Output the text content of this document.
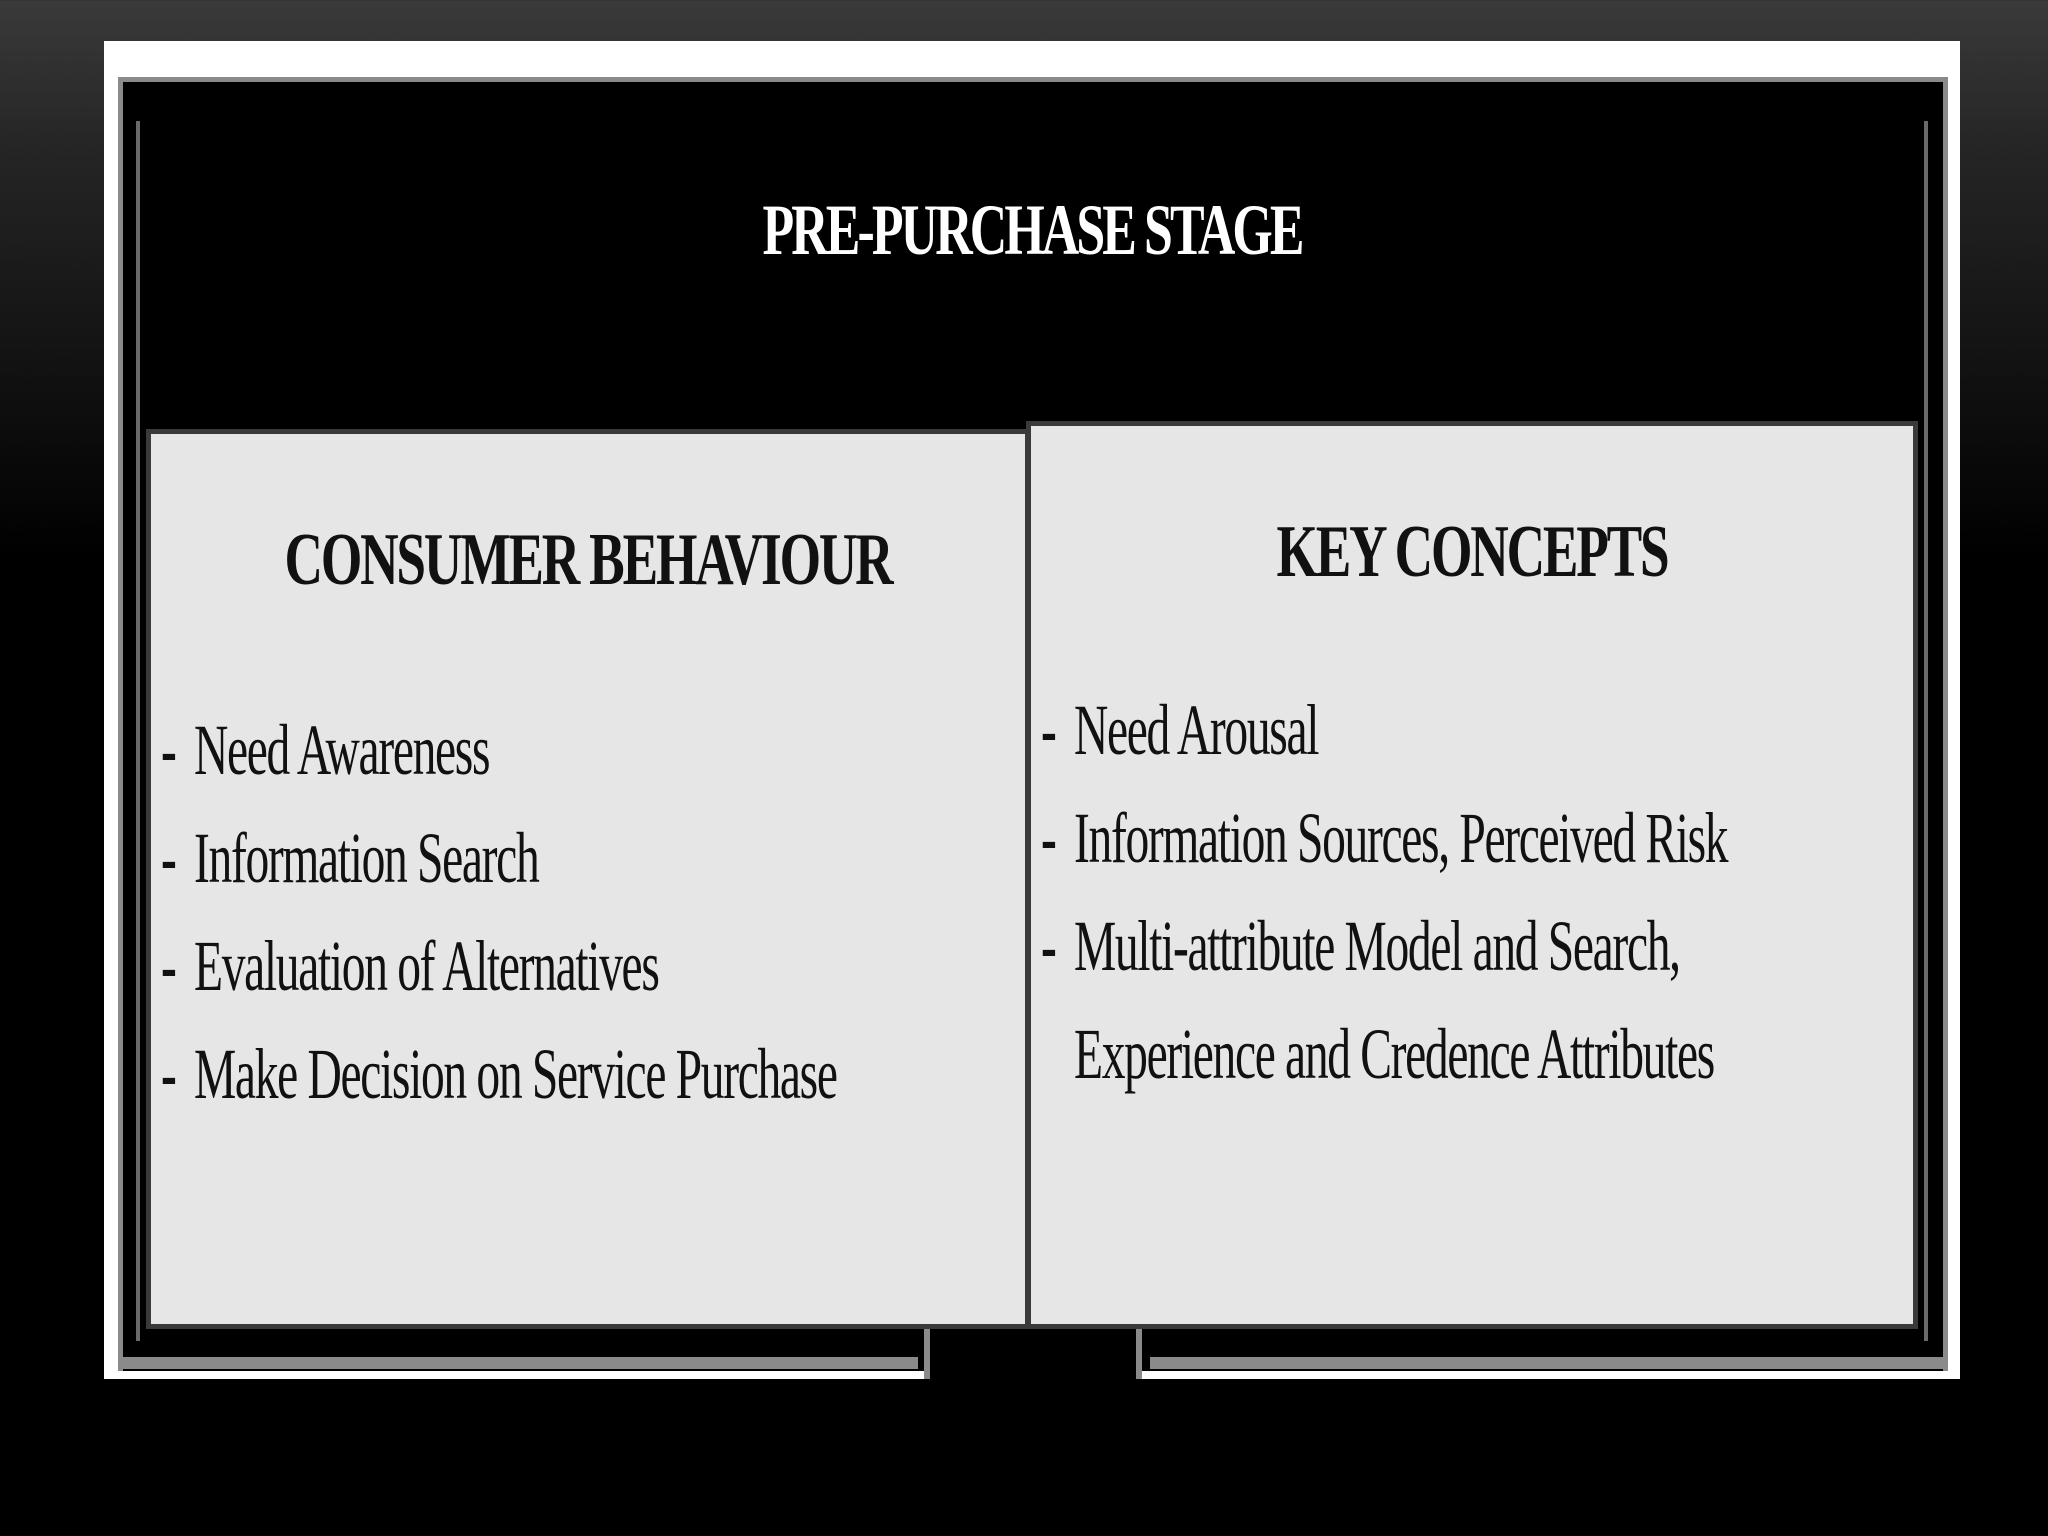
PRE-PURCHASE STAGE
CONSUMER BEHAVIOUR
- Need Awareness
- Information Search
- Evaluation of Alternatives
- Make Decision on Service Purchase
KEY CONCEPTS
- Need Arousal
- Information Sources, Perceived Risk
- Multi-attribute Model and Search,
Experience and Credence Attributes
